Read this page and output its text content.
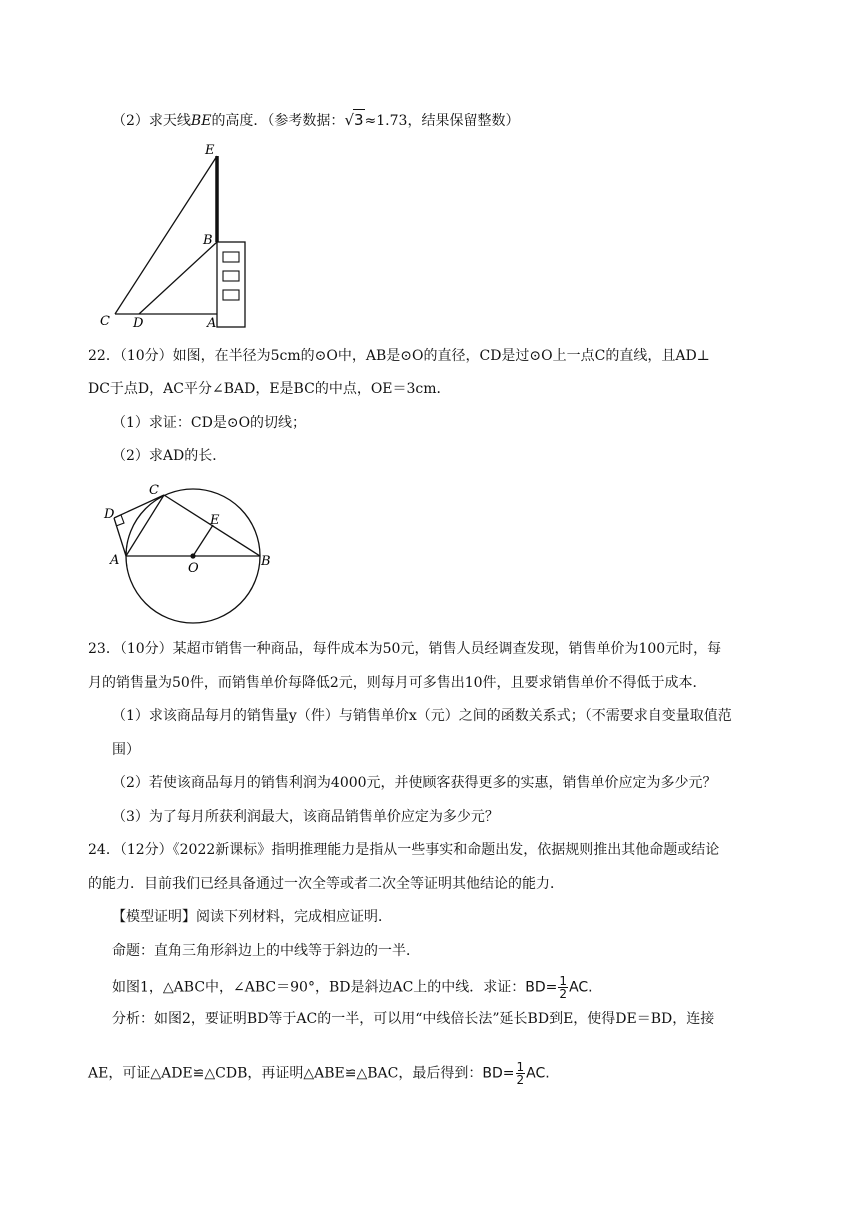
（2）求天线BE的高度．（参考数据：√3≈1.73，结果保留整数）
E
B
C D	A
22．（10分）如图，在半径为5cm的⊙O中，AB是⊙O的直径，CD是过⊙O上一点C的直线，且AD⊥
DC于点D，AC平分∠BAD，E是BC的中点，OE＝3cm．
（1）求证：CD是⊙O的切线；
（2）求AD的长．
C
D	E
A
O	B
23．（10分）某超市销售一种商品，每件成本为50元，销售人员经调查发现，销售单价为100元时，每
月的销售量为50件，而销售单价每降低2元，则每月可多售出10件，且要求销售单价不得低于成本．
（1）求该商品每月的销售量y（件）与销售单价x（元）之间的函数关系式；（不需要求自变量取值范
围）
（2）若使该商品每月的销售利润为4000元，并使顾客获得更多的实惠，销售单价应定为多少元？
（3）为了每月所获利润最大，该商品销售单价应定为多少元？
24．（12分）《2022新课标》指明推理能力是指从一些事实和命题出发，依据规则推出其他命题或结论
的能力．目前我们已经具备通过一次全等或者二次全等证明其他结论的能力．
【模型证明】阅读下列材料，完成相应证明．
命题：直角三角形斜边上的中线等于斜边的一半．
如图1，△ABC中，∠ABC＝90°，BD是斜边AC上的中线．求证：$BD= \frac{1}{2}$ AC.
分析：如图2，要证明BD等于AC的一半，可以用“中线倍长法”延长BD到E，使得DE＝BD，连接
AE，可证△ADE≌△CDB，再证明△ABE≌△BAC，最后得到：$BD= \frac{1}{2}$ AC.
